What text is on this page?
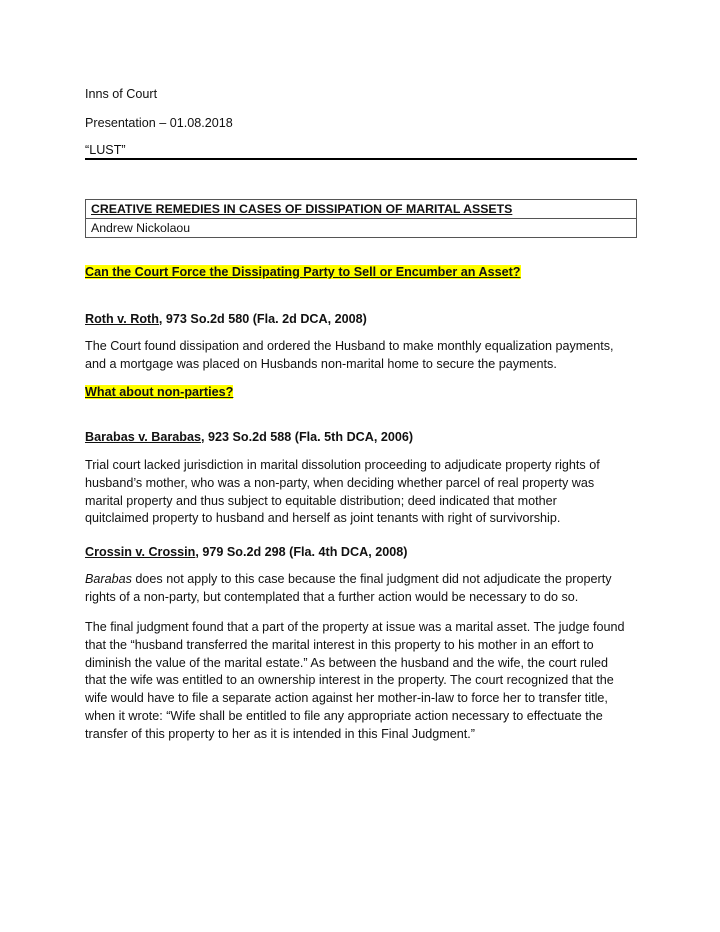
Inns of Court
Presentation – 01.08.2018
“LUST”
CREATIVE REMEDIES IN CASES OF DISSIPATION OF MARITAL ASSETS
Andrew Nickolaou
Can the Court Force the Dissipating Party to Sell or Encumber an Asset?
Roth v. Roth, 973 So.2d 580 (Fla. 2d DCA, 2008)
The Court found dissipation and ordered the Husband to make monthly equalization payments,
and a mortgage was placed on Husbands non-marital home to secure the payments.
What about non-parties?
Barabas v. Barabas, 923 So.2d 588 (Fla. 5th DCA, 2006)
Trial court lacked jurisdiction in marital dissolution proceeding to adjudicate property rights of
husband’s mother, who was a non-party, when deciding whether parcel of real property was
marital property and thus subject to equitable distribution; deed indicated that mother
quitclaimed property to husband and herself as joint tenants with right of survivorship.
Crossin v. Crossin, 979 So.2d 298 (Fla. 4th DCA, 2008)
Barabas does not apply to this case because the final judgment did not adjudicate the property
rights of a non-party, but contemplated that a further action would be necessary to do so.
The final judgment found that a part of the property at issue was a marital asset. The judge found
that the “husband transferred the marital interest in this property to his mother in an effort to
diminish the value of the marital estate.” As between the husband and the wife, the court ruled
that the wife was entitled to an ownership interest in the property. The court recognized that the
wife would have to file a separate action against her mother-in-law to force her to transfer title,
when it wrote: “Wife shall be entitled to file any appropriate action necessary to effectuate the
transfer of this property to her as it is intended in this Final Judgment.”
